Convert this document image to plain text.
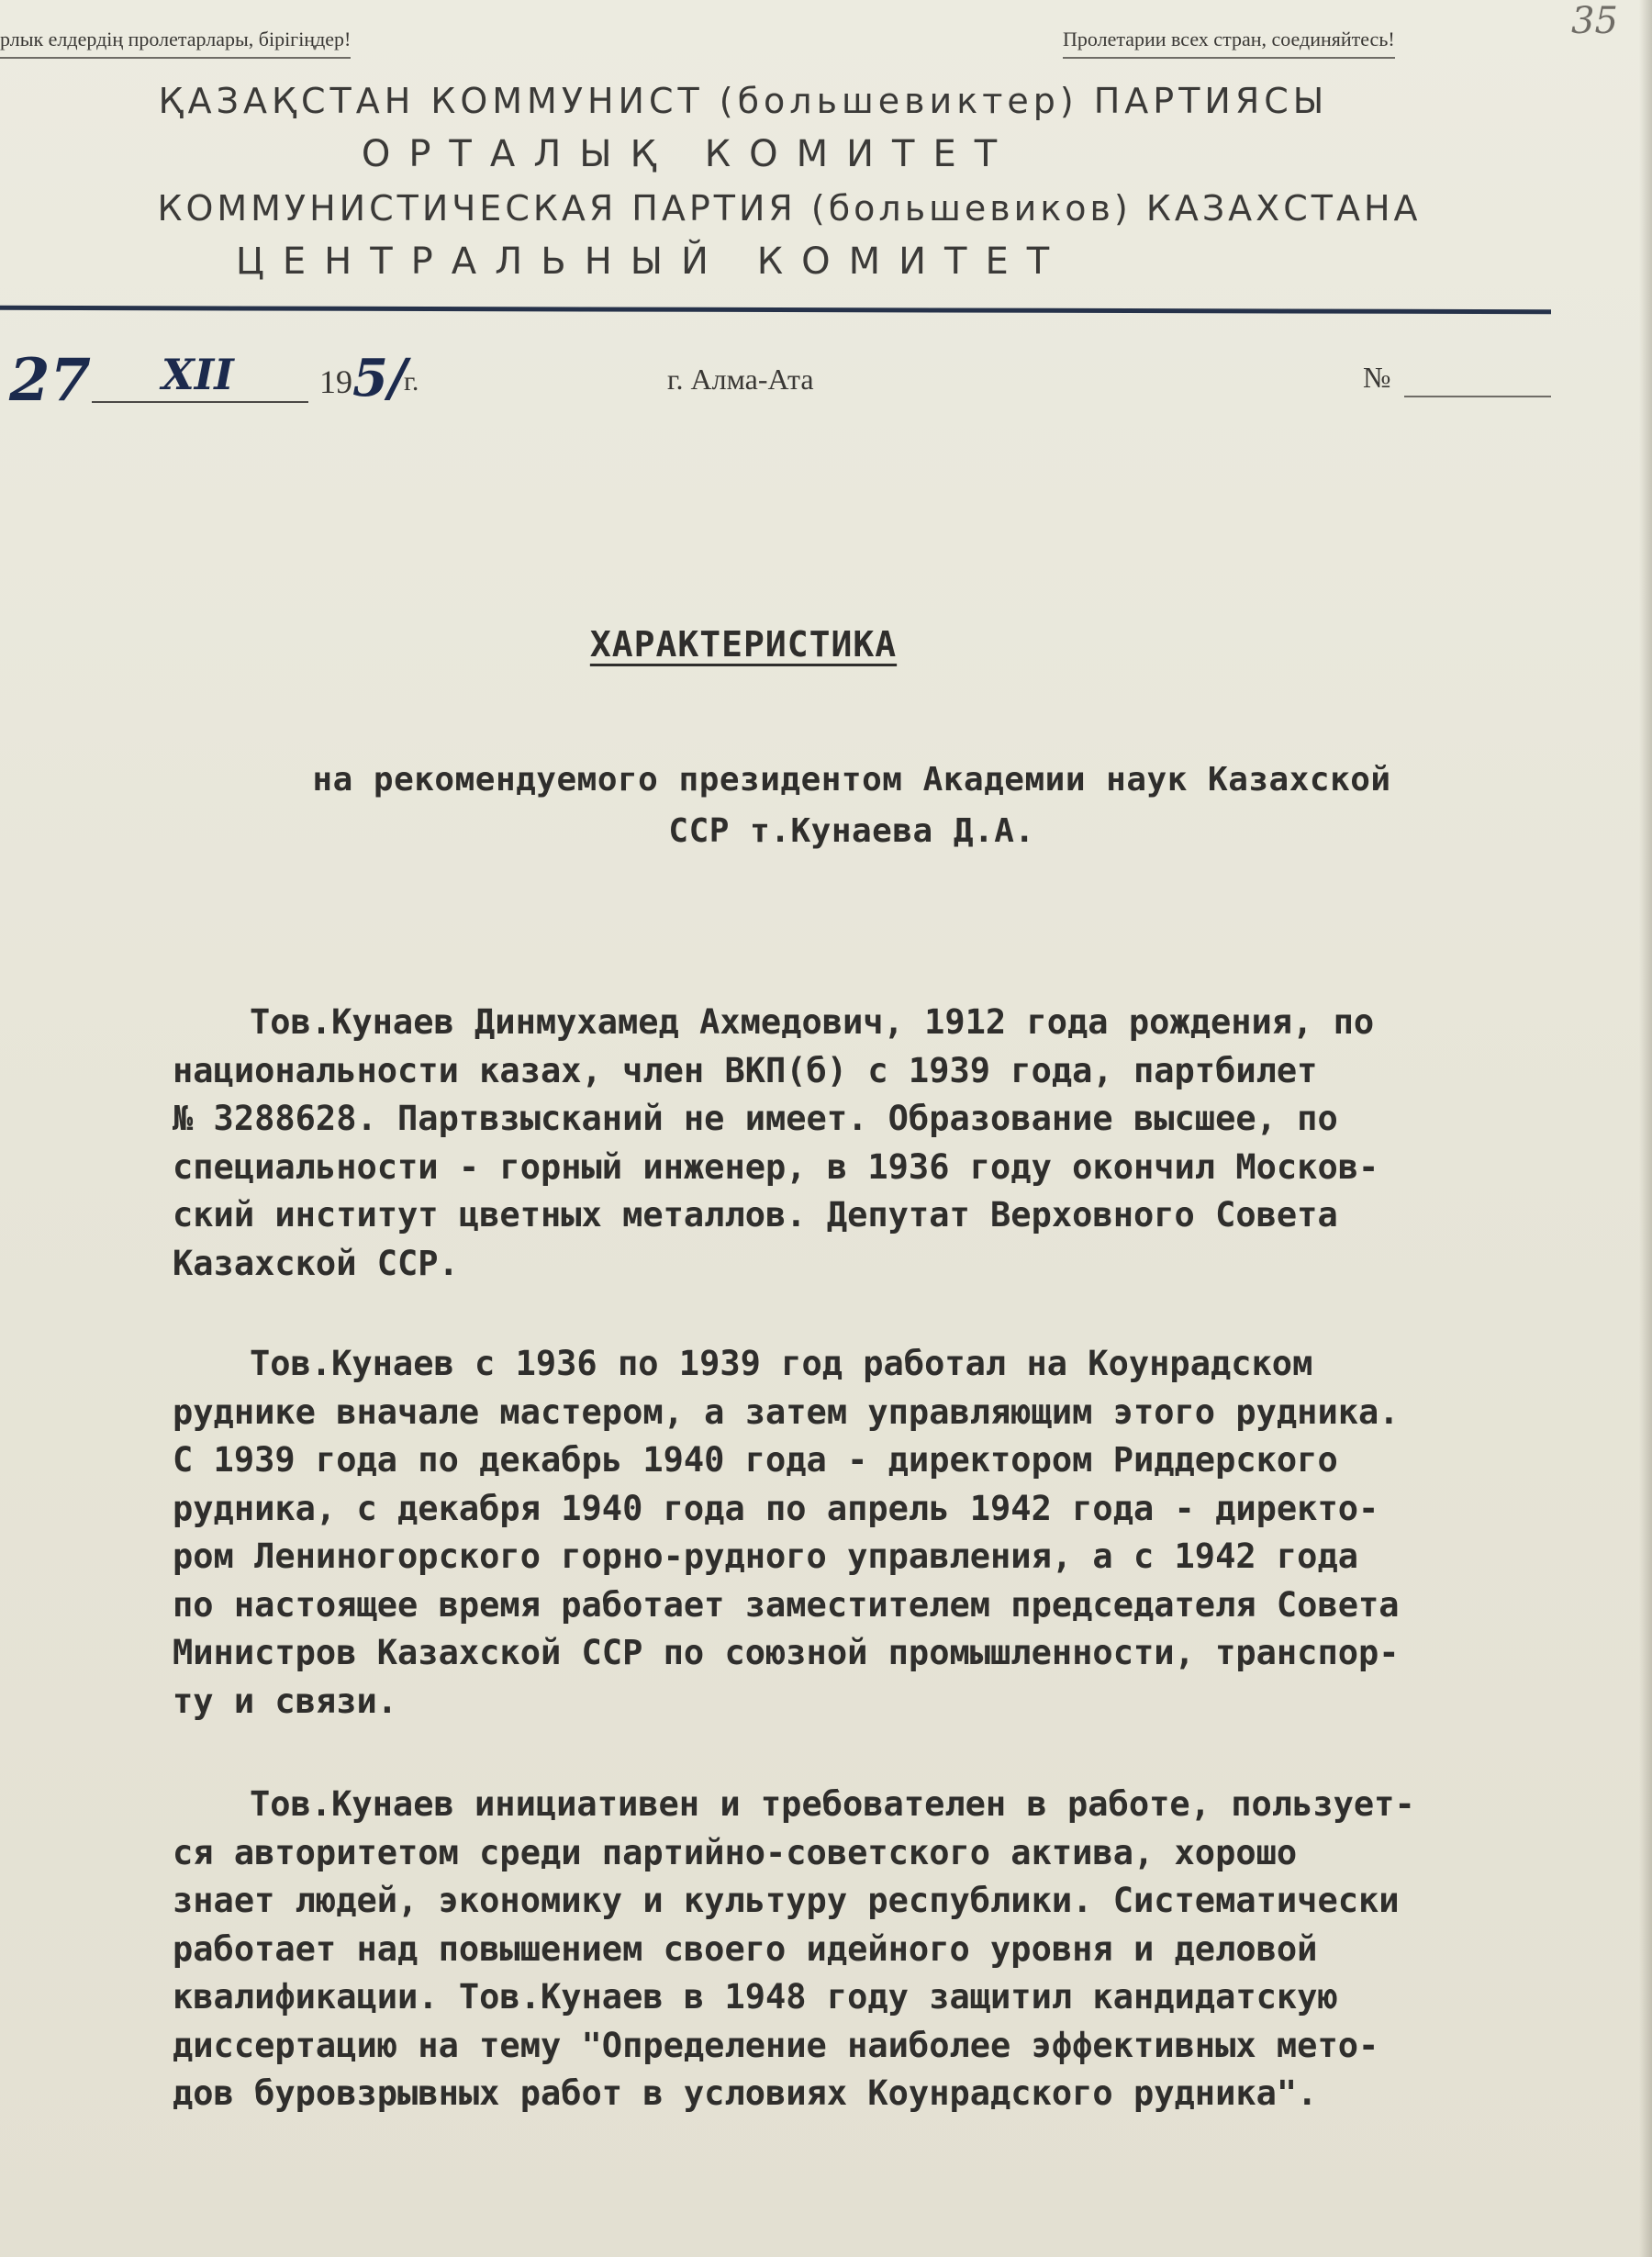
рлык елдердің пролетарлары, бірігіңдер!	Пролетарии всех стран, соединяйтесь!	35
ҚАЗАҚСТАН КОММУНИСТ (большевиктер) ПАРТИЯСЫ
ОРТАЛЫҚ КОМИТЕТ
КОММУНИСТИЧЕСКАЯ ПАРТИЯ (большевиков) КАЗАХСТАНА
ЦЕНТРАЛЬНЫЙ КОМИТЕТ
27 XII	19 5/
г.	г. Алма-Ата	№
ХАРАКТЕРИСТИКА
на рекомендуемого президентом Академии наук Казахской
ССР т.Кунаева Д.А.
Тов.Кунаев Динмухамед Ахмедович, 1912 года рождения, по
национальности казах, член ВКП(б) с 1939 года, партбилет
№ 3288628. Партвзысканий не имеет. Образование высшее, по
специальности - горный инженер, в 1936 году окончил Москов-
ский институт цветных металлов. Депутат Верховного Совета
Казахской ССР.
Тов.Кунаев с 1936 по 1939 год работал на Коунрадском
руднике вначале мастером, а затем управляющим этого рудника.
С 1939 года по декабрь 1940 года - директором Риддерского
рудника, с декабря 1940 года по апрель 1942 года - директо-
ром Лениногорского горно-рудного управления, а с 1942 года
по настоящее время работает заместителем председателя Совета
Министров Казахской ССР по союзной промышленности, транспор-
ту и связи.
Тов.Кунаев инициативен и требователен в работе, пользует-
ся авторитетом среди партийно-советского актива, хорошо
знает людей, экономику и культуру республики. Систематически
работает над повышением своего идейного уровня и деловой
квалификации. Тов.Кунаев в 1948 году защитил кандидатскую
диссертацию на тему "Определение наиболее эффективных мето-
дов буровзрывных работ в условиях Коунрадского рудника".
